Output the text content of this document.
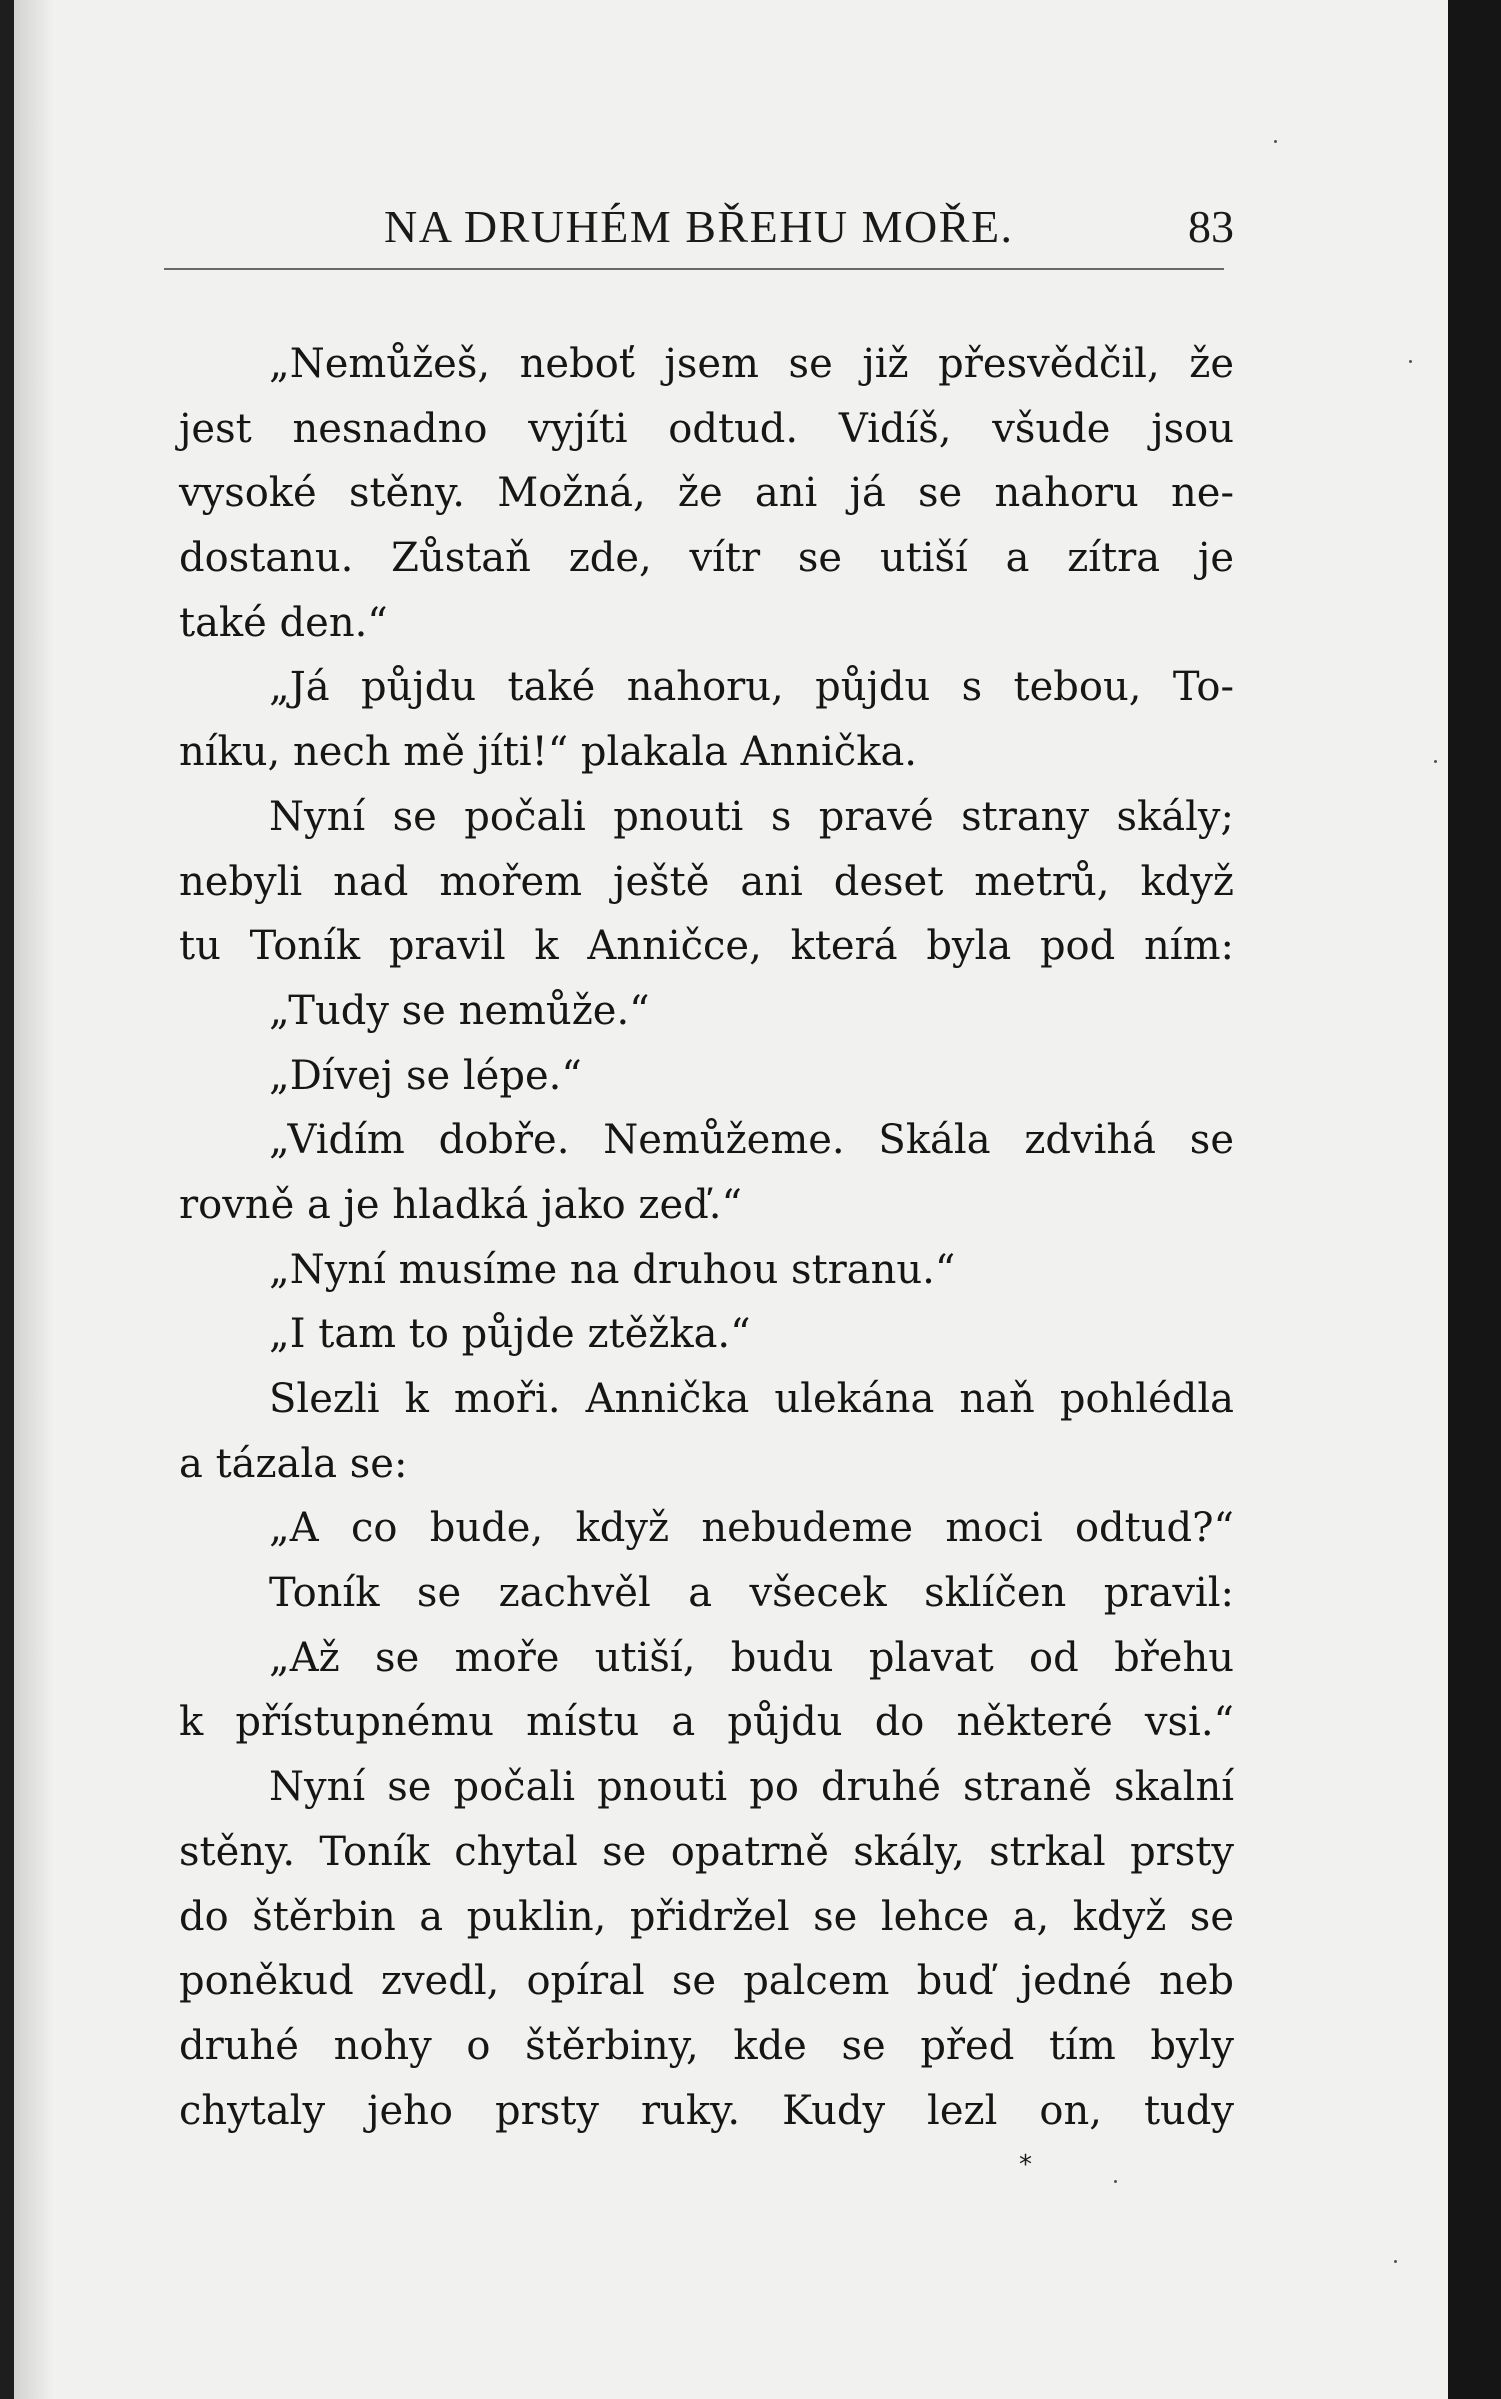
NA DRUHÉM BŘEHU MOŘE.	83
„Nemůžeš, neboť jsem se již přesvědčil, že
jest nesnadno vyjíti odtud. Vidíš, všude jsou
vysoké stěny. Možná, že ani já se nahoru ne-
dostanu. Zůstaň zde, vítr se utiší a zítra je
také den.“
„Já půjdu také nahoru, půjdu s tebou, To-
níku, nech mě jíti!“ plakala Annička.
Nyní se počali pnouti s pravé strany skály;
nebyli nad mořem ještě ani deset metrů, když
tu Toník pravil k Anničce, která byla pod ním:
„Tudy se nemůže.“
„Dívej se lépe.“
„Vidím dobře. Nemůžeme. Skála zdvihá se
rovně a je hladká jako zeď.“
„Nyní musíme na druhou stranu.“
„I tam to půjde ztěžka.“
Slezli k moři. Annička ulekána naň pohlédla
a tázala se:
„A co bude, když nebudeme moci odtud?“
Toník se zachvěl a všecek sklíčen pravil:
„Až se moře utiší, budu plavat od břehu
k přístupnému místu a půjdu do některé vsi.“
Nyní se počali pnouti po druhé straně skalní
stěny. Toník chytal se opatrně skály, strkal prsty
do štěrbin a puklin, přidržel se lehce a, když se
poněkud zvedl, opíral se palcem buď jedné neb
druhé nohy o štěrbiny, kde se před tím byly
chytaly jeho prsty ruky. Kudy lezl on, tudy
*
